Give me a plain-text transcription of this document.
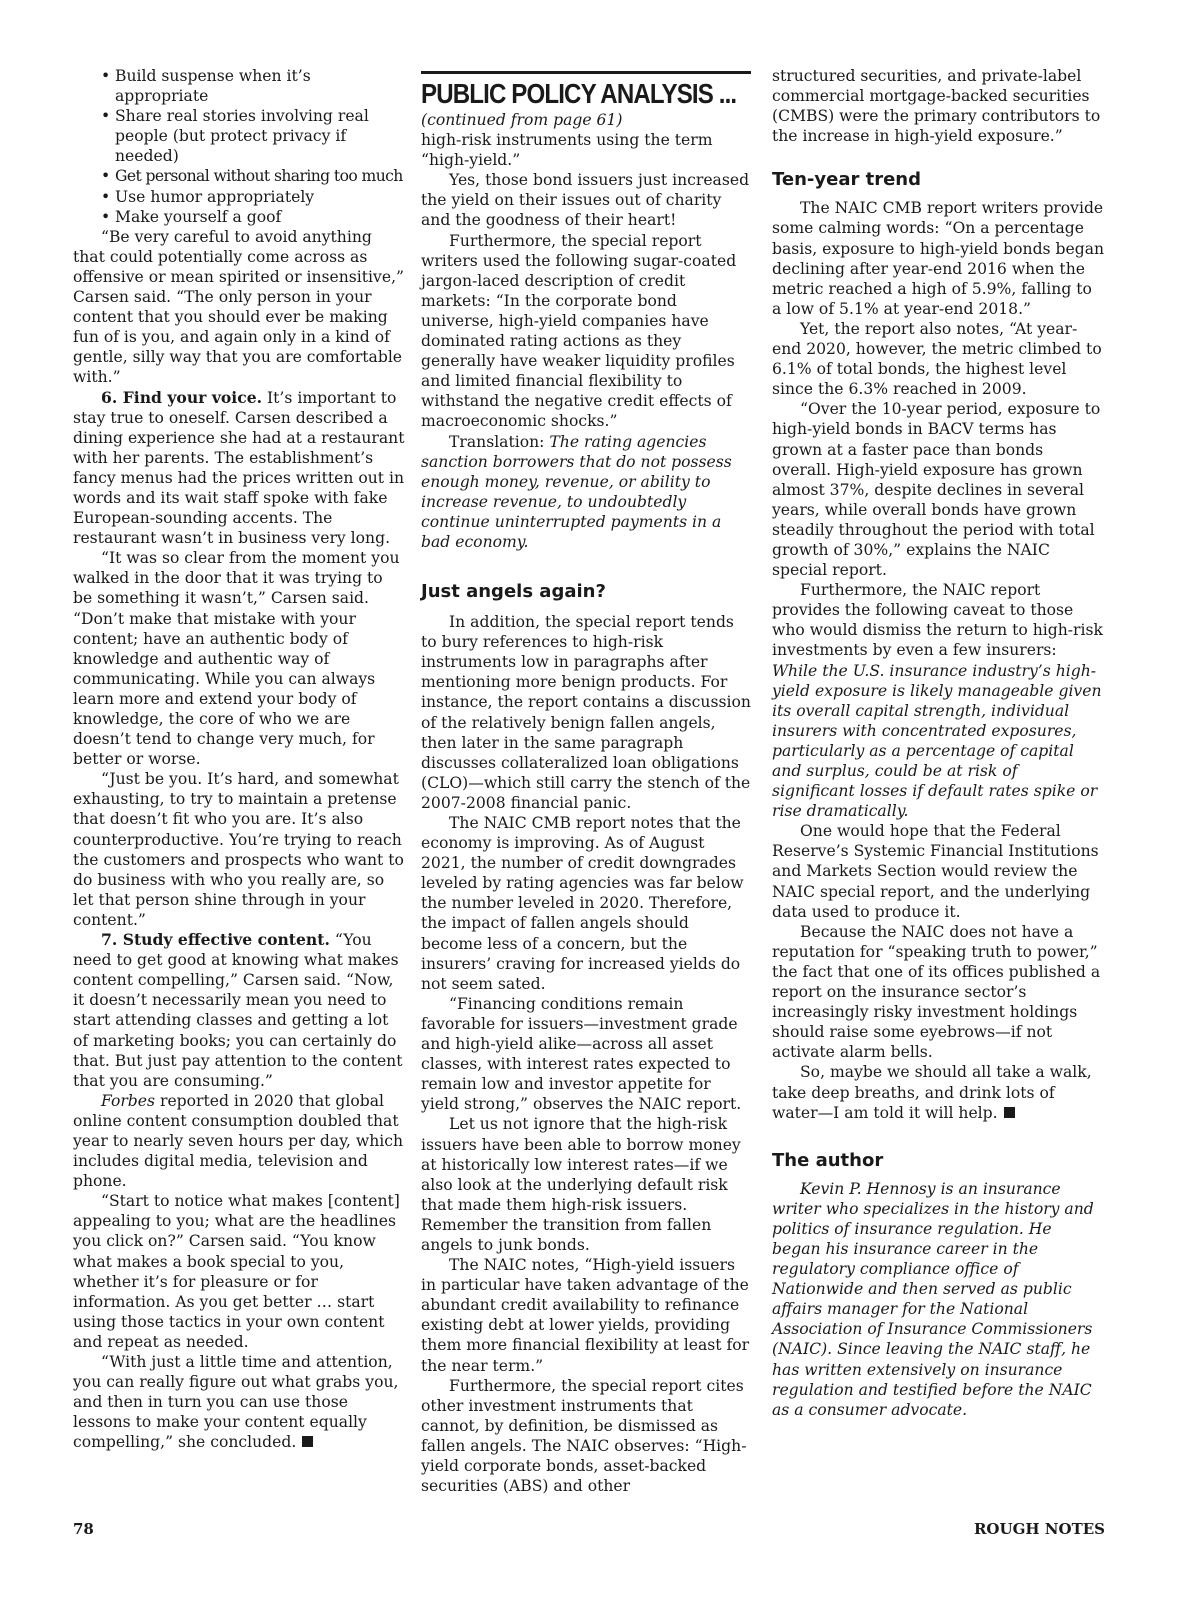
• Build suspense when it’s appropriate
• Share real stories involving real people (but protect privacy if needed)
• Get personal without sharing too much
• Use humor appropriately
• Make yourself a goof

“Be very careful to avoid anything that could potentially come across as offensive or mean spirited or insensitive,” Carsen said. “The only person in your content that you should ever be making fun of is you, and again only in a kind of gentle, silly way that you are comfortable with.”

6. Find your voice. It’s important to stay true to oneself. Carsen described a dining experience she had at a restaurant with her parents. The establishment’s fancy menus had the prices written out in words and its wait staff spoke with fake European-sounding accents. The restaurant wasn’t in business very long.

“It was so clear from the moment you walked in the door that it was trying to be something it wasn’t,” Carsen said. “Don’t make that mistake with your content; have an authentic body of knowledge and authentic way of communicating. While you can always learn more and extend your body of knowledge, the core of who we are doesn’t tend to change very much, for better or worse.

“Just be you. It’s hard, and somewhat exhausting, to try to maintain a pretense that doesn’t fit who you are. It’s also counterproductive. You’re trying to reach the customers and prospects who want to do business with who you really are, so let that person shine through in your content.”

7. Study effective content. “You need to get good at knowing what makes content compelling,” Carsen said. “Now, it doesn’t necessarily mean you need to start attending classes and getting a lot of marketing books; you can certainly do that. But just pay attention to the content that you are consuming.”

Forbes reported in 2020 that global online content consumption doubled that year to nearly seven hours per day, which includes digital media, television and phone.

“Start to notice what makes [content] appealing to you; what are the headlines you click on?” Carsen said. “You know what makes a book special to you, whether it’s for pleasure or for information. As you get better … start using those tactics in your own content and repeat as needed.

“With just a little time and attention, you can really figure out what grabs you, and then in turn you can use those lessons to make your content equally compelling,” she concluded.

PUBLIC POLICY ANALYSIS ...

(continued from page 61)

high-risk instruments using the term “high-yield.”

Yes, those bond issuers just increased the yield on their issues out of charity and the goodness of their heart!

Furthermore, the special report writers used the following sugar-coated jargon-laced description of credit markets: “In the corporate bond universe, high-yield companies have dominated rating actions as they generally have weaker liquidity profiles and limited financial flexibility to withstand the negative credit effects of macroeconomic shocks.”

Translation: The rating agencies sanction borrowers that do not possess enough money, revenue, or ability to increase revenue, to undoubtedly continue uninterrupted payments in a bad economy.

Just angels again?

In addition, the special report tends to bury references to high-risk instruments low in paragraphs after mentioning more benign products. For instance, the report contains a discussion of the relatively benign fallen angels, then later in the same paragraph discusses collateralized loan obligations (CLO)—which still carry the stench of the 2007-2008 financial panic.

The NAIC CMB report notes that the economy is improving. As of August 2021, the number of credit downgrades leveled by rating agencies was far below the number leveled in 2020. Therefore, the impact of fallen angels should become less of a concern, but the insurers’ craving for increased yields do not seem sated.

“Financing conditions remain favorable for issuers—investment grade and high-yield alike—across all asset classes, with interest rates expected to remain low and investor appetite for yield strong,” observes the NAIC report.

Let us not ignore that the high-risk issuers have been able to borrow money at historically low interest rates—if we also look at the underlying default risk that made them high-risk issuers. Remember the transition from fallen angels to junk bonds.

The NAIC notes, “High-yield issuers in particular have taken advantage of the abundant credit availability to refinance existing debt at lower yields, providing them more financial flexibility at least for the near term.”

Furthermore, the special report cites other investment instruments that cannot, by definition, be dismissed as fallen angels. The NAIC observes: “High-yield corporate bonds, asset-backed securities (ABS) and other

structured securities, and private-label commercial mortgage-backed securities (CMBS) were the primary contributors to the increase in high-yield exposure.”

Ten-year trend

The NAIC CMB report writers provide some calming words: “On a percentage basis, exposure to high-yield bonds began declining after year-end 2016 when the metric reached a high of 5.9%, falling to a low of 5.1% at year-end 2018.”

Yet, the report also notes, “At year-end 2020, however, the metric climbed to 6.1% of total bonds, the highest level since the 6.3% reached in 2009.

“Over the 10-year period, exposure to high-yield bonds in BACV terms has grown at a faster pace than bonds overall. High-yield exposure has grown almost 37%, despite declines in several years, while overall bonds have grown steadily throughout the period with total growth of 30%,” explains the NAIC special report.

Furthermore, the NAIC report provides the following caveat to those who would dismiss the return to high-risk investments by even a few insurers: While the U.S. insurance industry’s high-yield exposure is likely manageable given its overall capital strength, individual insurers with concentrated exposures, particularly as a percentage of capital and surplus, could be at risk of significant losses if default rates spike or rise dramatically.

One would hope that the Federal Reserve’s Systemic Financial Institutions and Markets Section would review the NAIC special report, and the underlying data used to produce it.

Because the NAIC does not have a reputation for “speaking truth to power,” the fact that one of its offices published a report on the insurance sector’s increasingly risky investment holdings should raise some eyebrows—if not activate alarm bells.

So, maybe we should all take a walk, take deep breaths, and drink lots of water—I am told it will help.

The author

Kevin P. Hennosy is an insurance writer who specializes in the history and politics of insurance regulation. He began his insurance career in the regulatory compliance office of Nationwide and then served as public affairs manager for the National Association of Insurance Commissioners (NAIC). Since leaving the NAIC staff, he has written extensively on insurance regulation and testified before the NAIC as a consumer advocate.

78	ROUGH NOTES
